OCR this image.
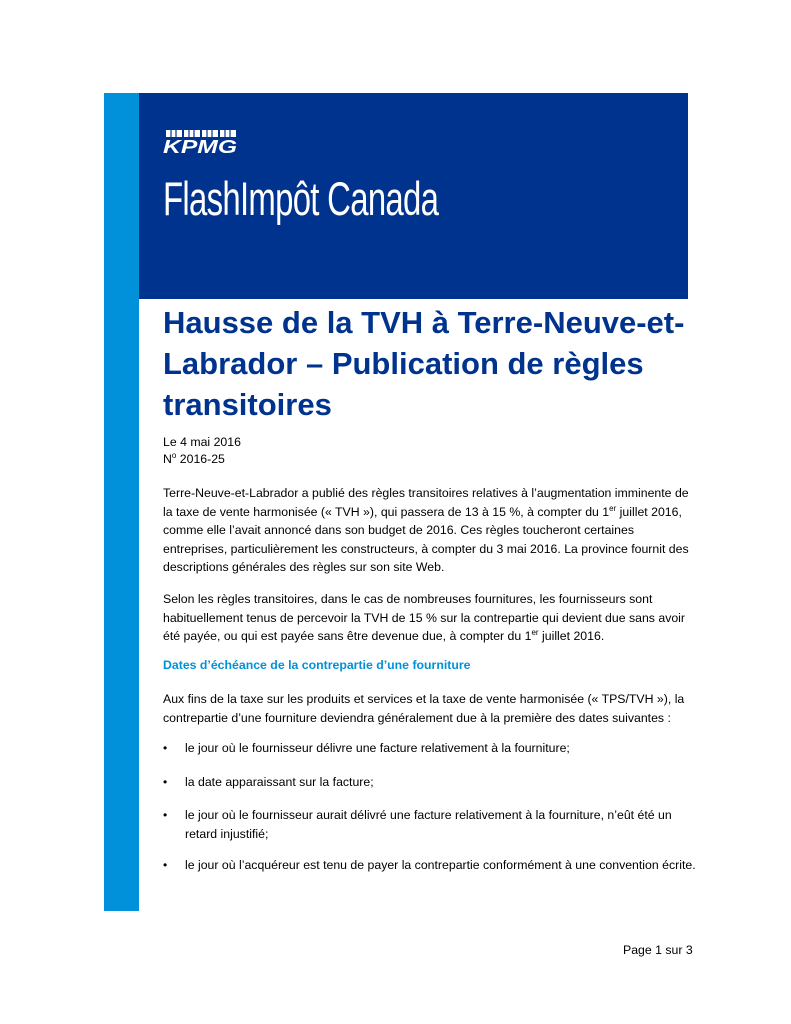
KPMG
FlashImpôt Canada
Hausse de la TVH à Terre-Neuve-et-Labrador – Publication de règles transitoires
Le 4 mai 2016
$N^o$ 2016-25

Terre-Neuve-et-Labrador a publié des règles transitoires relatives à l’augmentation imminente de la taxe de vente harmonisée (« TVH »), qui passera de 13 à 15 %, à compter du 1er juillet 2016, comme elle l’avait annoncé dans son budget de 2016. Ces règles toucheront certaines entreprises, particulièrement les constructeurs, à compter du 3 mai 2016. La province fournit des descriptions générales des règles sur son site Web.

Selon les règles transitoires, dans le cas de nombreuses fournitures, les fournisseurs sont habituellement tenus de percevoir la TVH de 15 % sur la contrepartie qui devient due sans avoir été payée, ou qui est payée sans être devenue due, à compter du 1er juillet 2016.

Dates d’échéance de la contrepartie d’une fourniture

Aux fins de la taxe sur les produits et services et la taxe de vente harmonisée (« TPS/TVH »), la contrepartie d’une fourniture deviendra généralement due à la première des dates suivantes :

• le jour où le fournisseur délivre une facture relativement à la fourniture;
• la date apparaissant sur la facture;
• le jour où le fournisseur aurait délivré une facture relativement à la fourniture, n’eût été un retard injustifié;
• le jour où l’acquéreur est tenu de payer la contrepartie conformément à une convention écrite.
Page 1 sur 3
